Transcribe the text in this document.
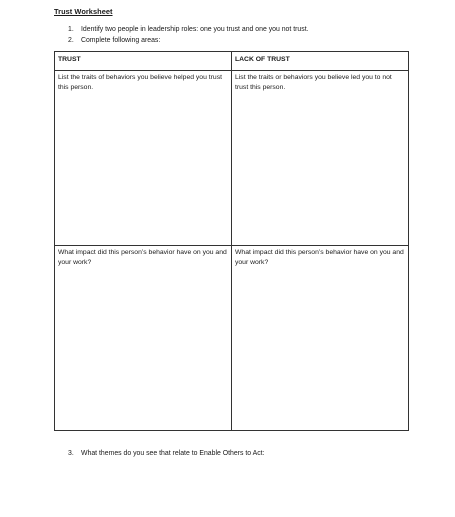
Trust Worksheet
1.	Identify two people in leadership roles: one you trust and one you not trust.
2.	Complete following areas:
TRUST	LACK OF TRUST
List the traits of behaviors you believe helped you trust this person.	List the traits or behaviors you believe led you to not trust this person.
What impact did this person’s behavior have on you and your work?	What impact did this person’s behavior have on you and your work?
3.	What themes do you see that relate to Enable Others to Act:
